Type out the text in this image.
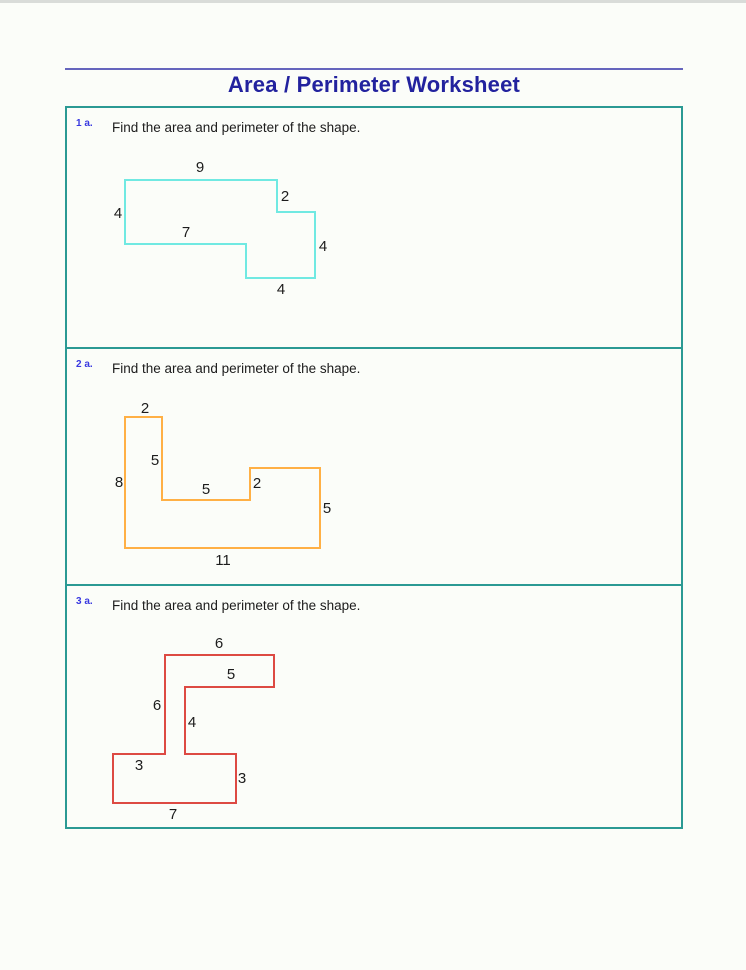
Area / Perimeter Worksheet
1 a. Find the area and perimeter of the shape.
9
2
4
7
4
4
2 a. Find the area and perimeter of the shape.
2
5
8	5	2
5
11
3 a. Find the area and perimeter of the shape.
6
5
6
4
3
3
7
